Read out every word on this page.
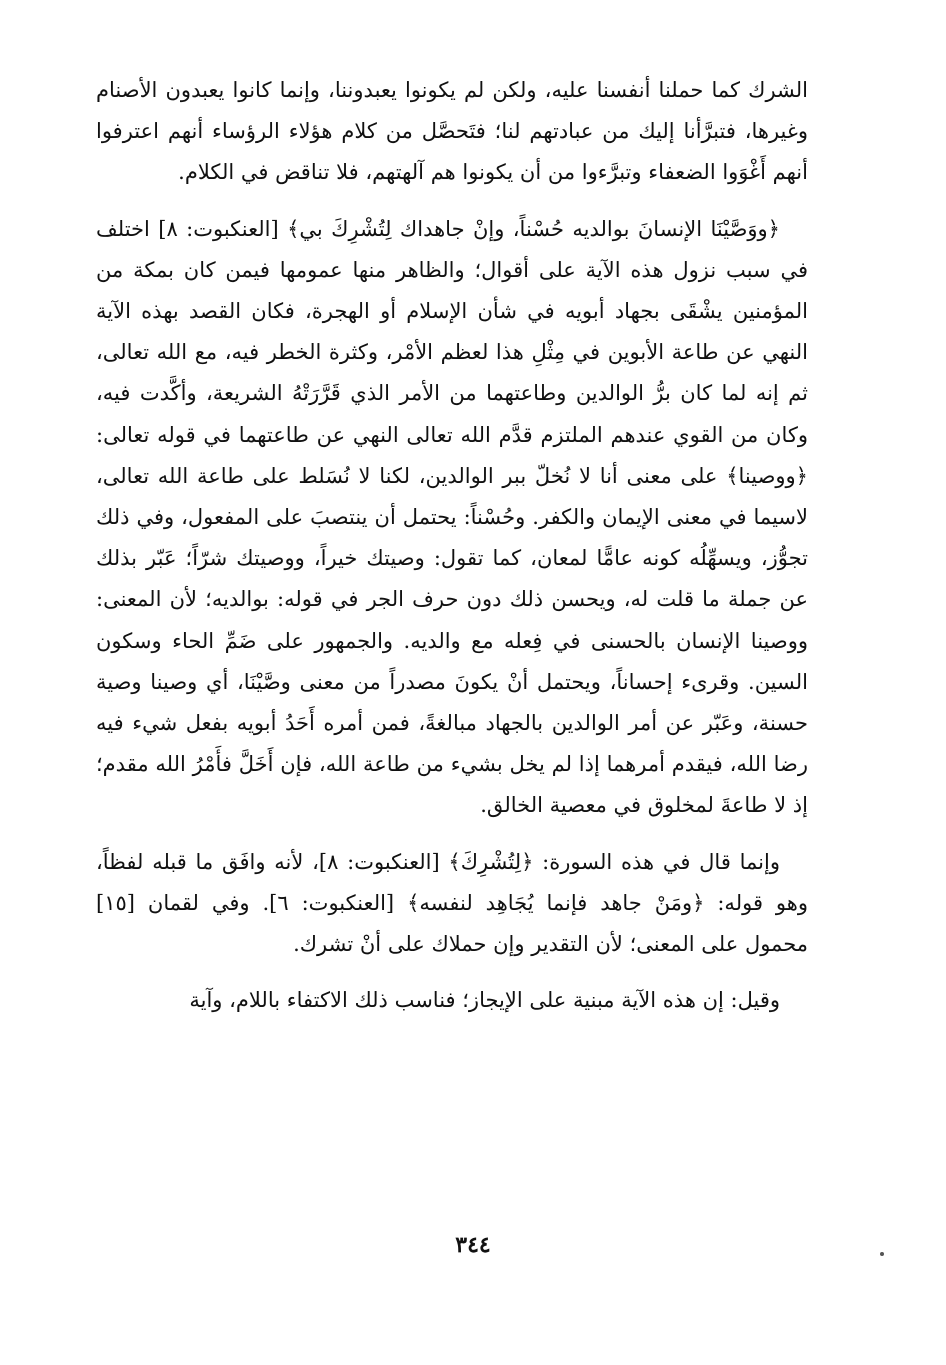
الشرك كما حملنا أنفسنا عليه، ولكن لم يكونوا يعبدوننا، وإنما كانوا يعبدون الأصنام وغيرها، فتبرَّأنا إليك من عبادتهم لنا؛ فتَحصَّل من كلام هؤلاء الرؤساء أنهم اعترفوا أنهم أَغْوَوا الضعفاء وتبرَّءوا من أن يكونوا هم آلهتهم، فلا تناقض في الكلام.

﴿ووَصَّيْنَا الإنسانَ بوالديه حُسْناً، وإنْ جاهداك لِتُشْرِكَ بي﴾ [العنكبوت: ٨] اختلف في سبب نزول هذه الآية على أقوال؛ والظاهر منها عمومها فيمن كان بمكة من المؤمنين يشْقَى بجهاد أبويه في شأن الإسلام أو الهجرة، فكان القصد بهذه الآية النهي عن طاعة الأبوين في مِثْلِ هذا لعظم الأمْر، وكثرة الخطر فيه، مع الله تعالى، ثم إنه لما كان برُّ الوالدين وطاعتهما من الأمر الذي قَرَّرَتْهُ الشريعة، وأكَّدت فيه، وكان من القوي عندهم الملتزم قدَّم الله تعالى النهي عن طاعتهما في قوله تعالى: ﴿ووصينا﴾ على معنى أنا لا نُخلّ ببر الوالدين، لكنا لا نُسَلط على طاعة الله تعالى، لاسيما في معنى الإيمان والكفر. وحُسْناً: يحتمل أن ينتصبَ على المفعول، وفي ذلك تجوُّز، ويسهِّلُه كونه عامًّا لمعان، كما تقول: وصيتك خيراً، ووصيتك شرّاً؛ عَبّر بذلك عن جملة ما قلت له، ويحسن ذلك دون حرف الجر في قوله: بوالديه؛ لأن المعنى: ووصينا الإنسان بالحسنى في فِعله مع والديه. والجمهور على ضَمِّ الحاء وسكون السين. وقرىء إحساناً، ويحتمل أنْ يكونَ مصدراً من معنى وصَّيْنَا، أي وصينا وصية حسنة، وعَبّر عن أمر الوالدين بالجهاد مبالغةً، فمن أمره أَحَدُ أبويه بفعل شيء فيه رضا الله، فيقدم أمرهما إذا لم يخل بشيء من طاعة الله، فإن أَخَلَّ فأَمْرُ الله مقدم؛ إذ لا طاعةَ لمخلوق في معصية الخالق.

وإنما قال في هذه السورة: ﴿لِتُشْرِكَ﴾ [العنكبوت: ٨]، لأنه وافَق ما قبله لفظاً، وهو قوله: ﴿ومَنْ جاهد فإنما يُجَاهِد لنفسه﴾ [العنكبوت: ٦]. وفي لقمان [١٥] محمول على المعنى؛ لأن التقدير وإن حملاك على أنْ تشرك.

وقيل: إن هذه الآية مبنية على الإيجاز؛ فناسب ذلك الاكتفاء باللام، وآية

٣٤٤
